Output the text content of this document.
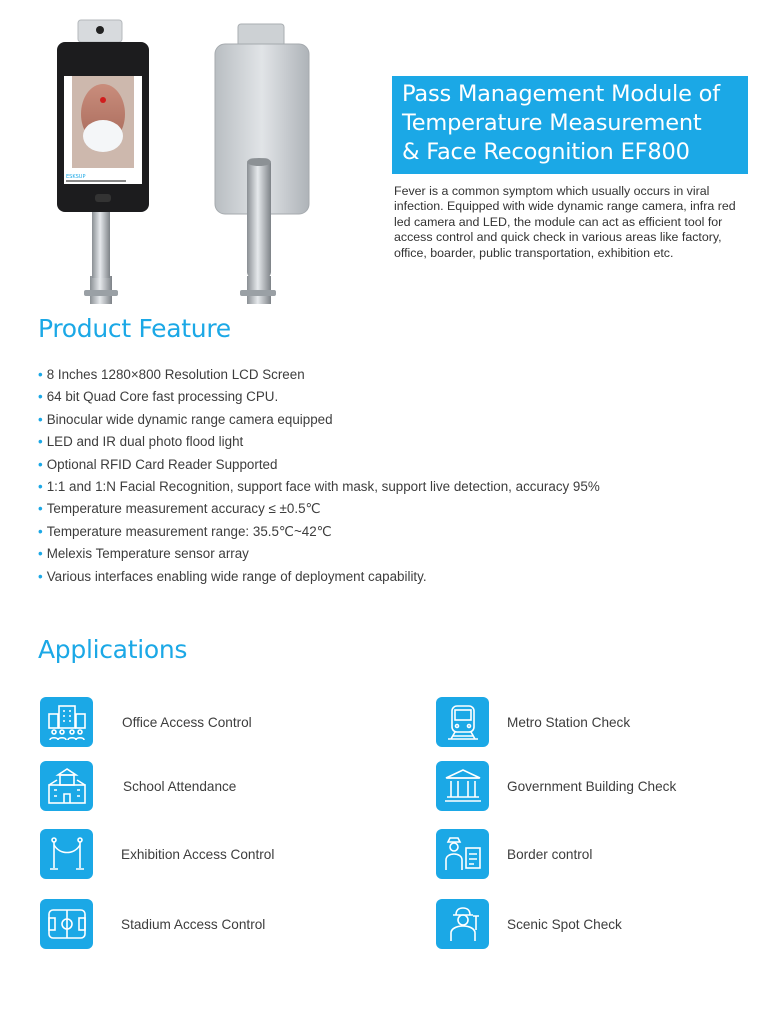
ESKSUP
Pass Management Module of
Temperature Measurement
& Face Recognition EF800

Fever is a common symptom which usually occurs in viral infection. Equipped with wide dynamic range camera, infra red led camera and LED, the module can act as efficient tool for access control and quick check in various areas like factory, office, boarder, public transportation, exhibition etc.

Product Feature
• 8 Inches 1280×800 Resolution LCD Screen
• 64 bit Quad Core fast processing CPU.
• Binocular wide dynamic range camera equipped
• LED and IR dual photo flood light
• Optional RFID Card Reader Supported
• 1:1 and 1:N Facial Recognition, support face with mask, support live detection, accuracy 95%
• Temperature measurement accuracy ≤ ±0.5℃
• Temperature measurement range: 35.5℃~42℃
• Melexis Temperature sensor array
• Various interfaces enabling wide range of deployment capability.
Applications
Office Access Control	Metro Station Check
School Attendance	Government Building Check
Exhibition Access Control	Border control
Stadium Access Control	Scenic Spot Check
